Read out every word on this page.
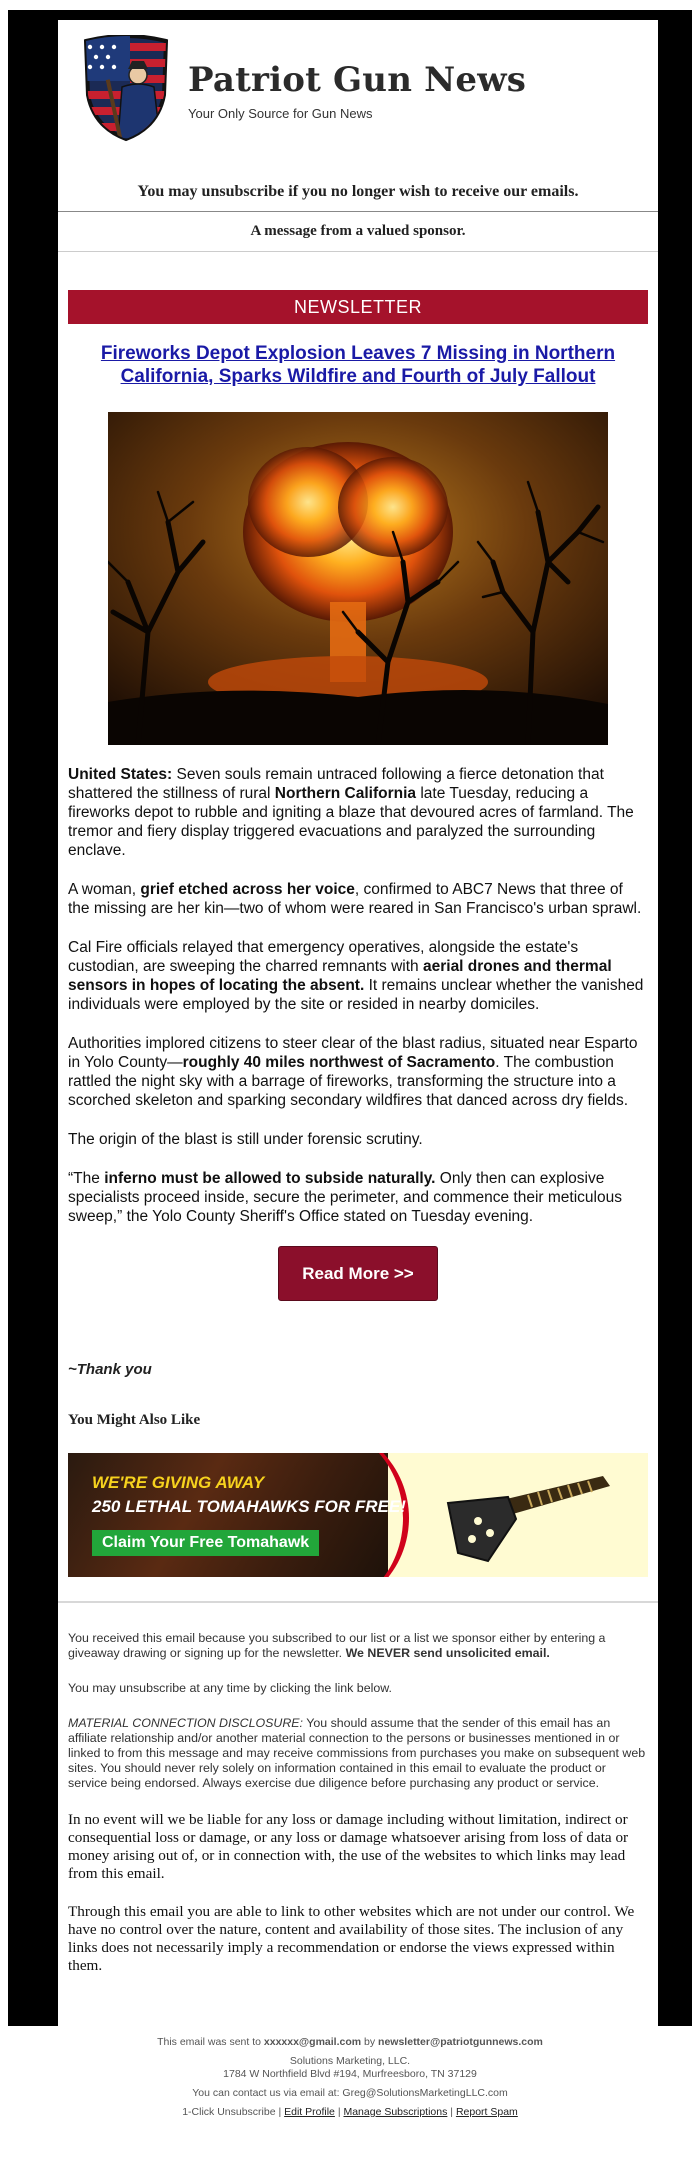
Patriot Gun News
Your Only Source for Gun News
You may unsubscribe if you no longer wish to receive our emails.
A message from a valued sponsor.
NEWSLETTER
Fireworks Depot Explosion Leaves 7 Missing in Northern California, Sparks Wildfire and Fourth of July Fallout

United States: Seven souls remain untraced following a fierce detonation that shattered the stillness of rural Northern California late Tuesday, reducing a fireworks depot to rubble and igniting a blaze that devoured acres of farmland. The tremor and fiery display triggered evacuations and paralyzed the surrounding enclave.

A woman, grief etched across her voice, confirmed to ABC7 News that three of the missing are her kin—two of whom were reared in San Francisco's urban sprawl.

Cal Fire officials relayed that emergency operatives, alongside the estate's custodian, are sweeping the charred remnants with aerial drones and thermal sensors in hopes of locating the absent. It remains unclear whether the vanished individuals were employed by the site or resided in nearby domiciles.

Authorities implored citizens to steer clear of the blast radius, situated near Esparto in Yolo County—roughly 40 miles northwest of Sacramento. The combustion rattled the night sky with a barrage of fireworks, transforming the structure into a scorched skeleton and sparking secondary wildfires that danced across dry fields.

The origin of the blast is still under forensic scrutiny.

“The inferno must be allowed to subside naturally. Only then can explosive specialists proceed inside, secure the perimeter, and commence their meticulous sweep,” the Yolo County Sheriff's Office stated on Tuesday evening.

Read More >>
~Thank you
You Might Also Like
WE'RE GIVING AWAY
250 LETHAL TOMAHAWKS FOR FREE!
Claim Your Free Tomahawk

You received this email because you subscribed to our list or a list we sponsor either by entering a giveaway drawing or signing up for the newsletter. We NEVER send unsolicited email.

You may unsubscribe at any time by clicking the link below.

MATERIAL CONNECTION DISCLOSURE: You should assume that the sender of this email has an affiliate relationship and/or another material connection to the persons or businesses mentioned in or linked to from this message and may receive commissions from purchases you make on subsequent web sites. You should never rely solely on information contained in this email to evaluate the product or service being endorsed. Always exercise due diligence before purchasing any product or service.

In no event will we be liable for any loss or damage including without limitation, indirect or consequential loss or damage, or any loss or damage whatsoever arising from loss of data or money arising out of, or in connection with, the use of the websites to which links may lead from this email.

Through this email you are able to link to other websites which are not under our control. We have no control over the nature, content and availability of those sites. The inclusion of any links does not necessarily imply a recommendation or endorse the views expressed within them.

This email was sent to xxxxxx@gmail.com by newsletter@patriotgunnews.com
Solutions Marketing, LLC.
1784 W Northfield Blvd #194, Murfreesboro, TN 37129
You can contact us via email at: Greg@SolutionsMarketingLLC.com
1-Click Unsubscribe | Edit Profile | Manage Subscriptions | Report Spam
